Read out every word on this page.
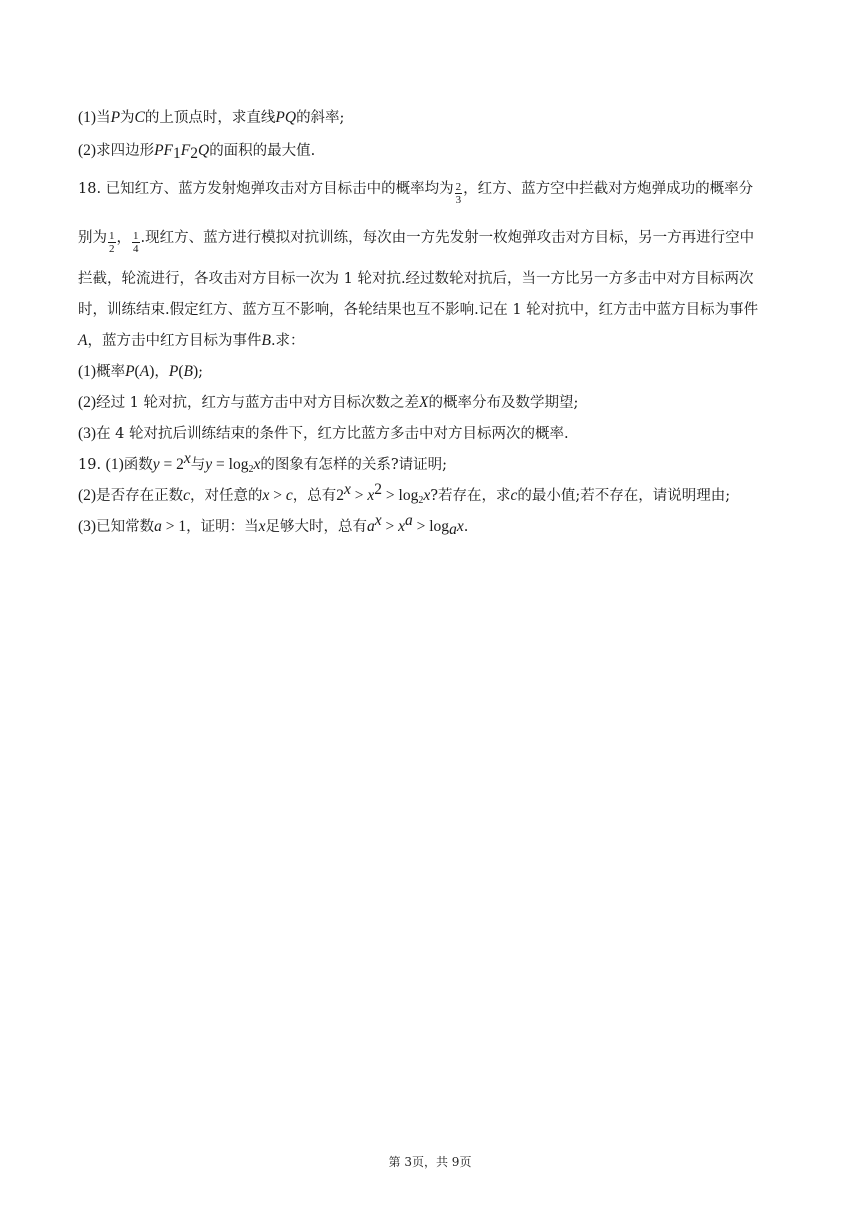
(1)当P为C的上顶点时，求直线PQ的斜率;
(2)求四边形$PF_1F_2Q$的面积的最大值.
18. 已知红方、蓝方发射炮弹攻击对方目标击中的概率均为 $\frac{2}{3}$ ，红方、蓝方空中拦截对方炮弹成功的概率分
别为 $\frac{1}{2}$ ， $\frac{1}{4}$ .现红方、蓝方进行模拟对抗训练，每次由一方先发射一枚炮弹攻击对方目标，另一方再进行空中
拦截，轮流进行，各攻击对方目标一次为 1 轮对抗.经过数轮对抗后，当一方比另一方多击中对方目标两次
时，训练结束.假定红方、蓝方互不影响，各轮结果也互不影响.记在 1 轮对抗中，红方击中蓝方目标为事件
A，蓝方击中红方目标为事件B.求：
(1)概率P(A)，P(B);
(2)经过 1 轮对抗，红方与蓝方击中对方目标次数之差X的概率分布及数学期望;
(3)在 4 轮对抗后训练结束的条件下，红方比蓝方多击中对方目标两次的概率.
19. (1)函数$y = 2^x$与$y = \log_2x$的图象有怎样的关系?请证明;
(2)是否存在正数c，对任意的x > c，总有$2^x > x^2 > \log_2x$?若存在，求c的最小值;若不存在，请说明理由;
(3)已知常数a > 1，证明：当x足够大时，总有$a^x > x^a > \log_ax$.
第 3页，共 9页
